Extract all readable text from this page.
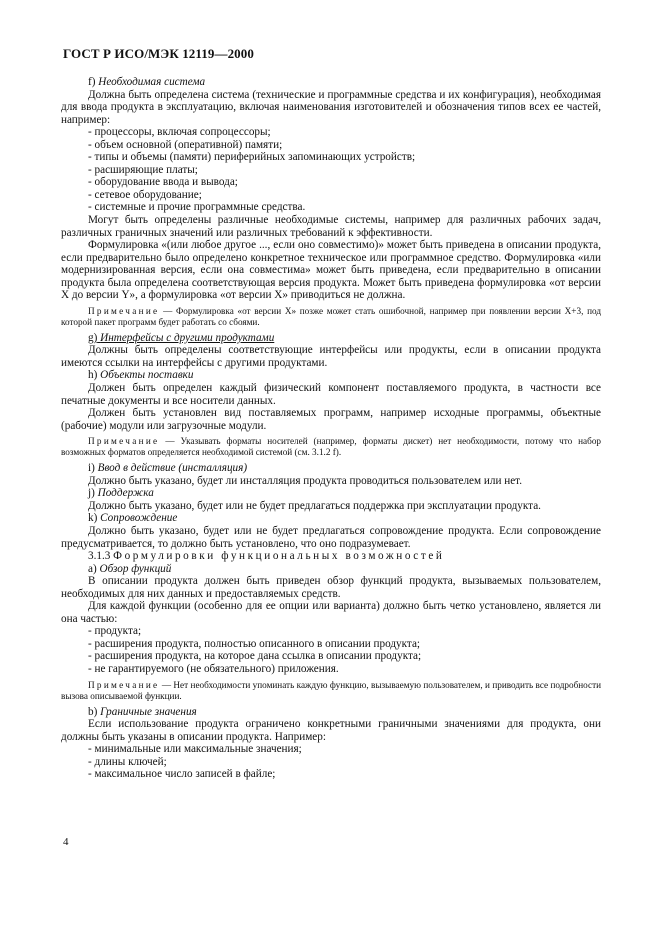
ГОСТ Р ИСО/МЭК 12119—2000

f) Необходимая система

Должна быть определена система (технические и программные средства и их конфигурация), необходимая для ввода продукта в эксплуатацию, включая наименования изготовителей и обозначения типов всех ее частей, например:

- процессоры, включая сопроцессоры;
- объем основной (оперативной) памяти;
- типы и объемы (памяти) периферийных запоминающих устройств;
- расширяющие платы;
- оборудование ввода и вывода;
- сетевое оборудование;
- системные и прочие программные средства.

Могут быть определены различные необходимые системы, например для различных рабочих задач, различных граничных значений или различных требований к эффективности.

Формулировка «(или любое другое ..., если оно совместимо)» может быть приведена в описании продукта, если предварительно было определено конкретное техническое или программное средство. Формулировка «или модернизированная версия, если она совместима» может быть приведена, если предварительно в описании продукта была определена соответствующая версия продукта. Может быть приведена формулировка «от версии X до версии Y», а формулировка «от версии X» приводиться не должна.

Примечание — Формулировка «от версии X» позже может стать ошибочной, например при появлении версии X+3, под которой пакет программ будет работать со сбоями.

g) Интерфейсы с другими продуктами

Должны быть определены соответствующие интерфейсы или продукты, если в описании продукта имеются ссылки на интерфейсы с другими продуктами.

h) Объекты поставки

Должен быть определен каждый физический компонент поставляемого продукта, в частности все печатные документы и все носители данных.

Должен быть установлен вид поставляемых программ, например исходные программы, объектные (рабочие) модули или загрузочные модули.

Примечание — Указывать форматы носителей (например, форматы дискет) нет необходимости, потому что набор возможных форматов определяется необходимой системой (см. 3.1.2 f).

i) Ввод в действие (инсталляция)

Должно быть указано, будет ли инсталляция продукта проводиться пользователем или нет.

j) Поддержка

Должно быть указано, будет или не будет предлагаться поддержка при эксплуатации продукта.

k) Сопровождение

Должно быть указано, будет или не будет предлагаться сопровождение продукта. Если сопровождение предусматривается, то должно быть установлено, что оно подразумевает.

3.1.3 Формулировки функциональных возможностей

a) Обзор функций

В описании продукта должен быть приведен обзор функций продукта, вызываемых пользователем, необходимых для них данных и предоставляемых средств.

Для каждой функции (особенно для ее опции или варианта) должно быть четко установлено, является ли она частью:

- продукта;
- расширения продукта, полностью описанного в описании продукта;
- расширения продукта, на которое дана ссылка в описании продукта;
- не гарантируемого (не обязательного) приложения.

Примечание — Нет необходимости упоминать каждую функцию, вызываемую пользователем, и приводить все подробности вызова описываемой функции.

b) Граничные значения

Если использование продукта ограничено конкретными граничными значениями для продукта, они должны быть указаны в описании продукта. Например:

- минимальные или максимальные значения;
- длины ключей;
- максимальное число записей в файле;
4
